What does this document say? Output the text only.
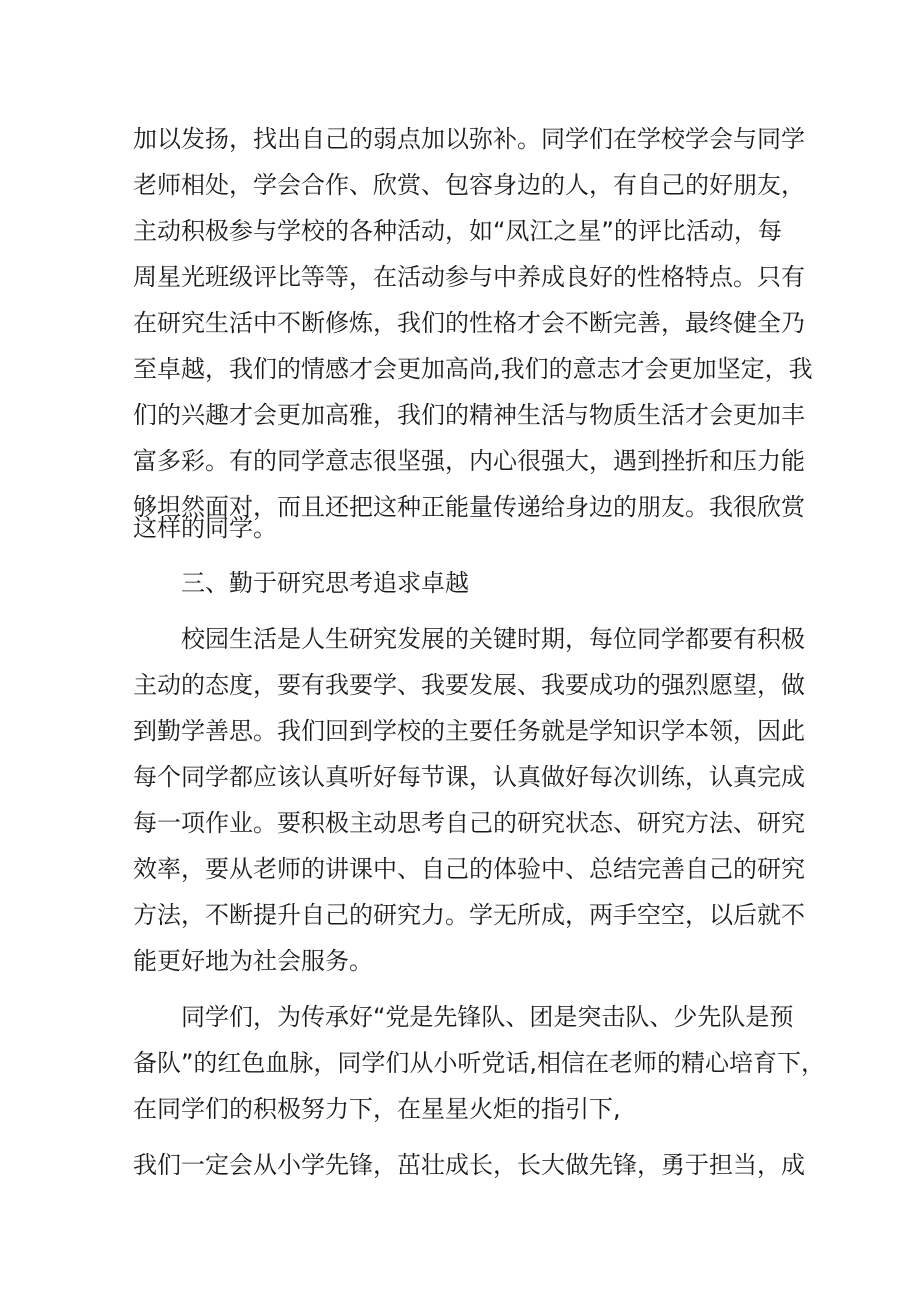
加以发扬，找出自己的弱点加以弥补。同学们在学校学会与同学
老师相处，学会合作、欣赏、包容身边的人，有自己的好朋友，
主动积极参与学校的各种活动，如“凤江之星”的评比活动，每
周星光班级评比等等，在活动参与中养成良好的性格特点。只有
在研究生活中不断修炼，我们的性格才会不断完善，最终健全乃
至卓越，我们的情感才会更加高尚,我们的意志才会更加坚定，我
们的兴趣才会更加高雅，我们的精神生活与物质生活才会更加丰
富多彩。有的同学意志很坚强，内心很强大，遇到挫折和压力能
够坦然面对，而且还把这种正能量传递给身边的朋友。我很欣赏
这样的同学。
三、勤于研究思考追求卓越
校园生活是人生研究发展的关键时期，每位同学都要有积极
主动的态度，要有我要学、我要发展、我要成功的强烈愿望，做
到勤学善思。我们回到学校的主要任务就是学知识学本领，因此
每个同学都应该认真听好每节课，认真做好每次训练，认真完成
每一项作业。要积极主动思考自己的研究状态、研究方法、研究
效率，要从老师的讲课中、自己的体验中、总结完善自己的研究
方法，不断提升自己的研究力。学无所成，两手空空，以后就不
能更好地为社会服务。
同学们，为传承好“党是先锋队、团是突击队、少先队是预
备队”的红色血脉，同学们从小听党话,相信在老师的精心培育下，
在同学们的积极努力下，在星星火炬的指引下,
我们一定会从小学先锋，茁壮成长，长大做先锋，勇于担当，成
